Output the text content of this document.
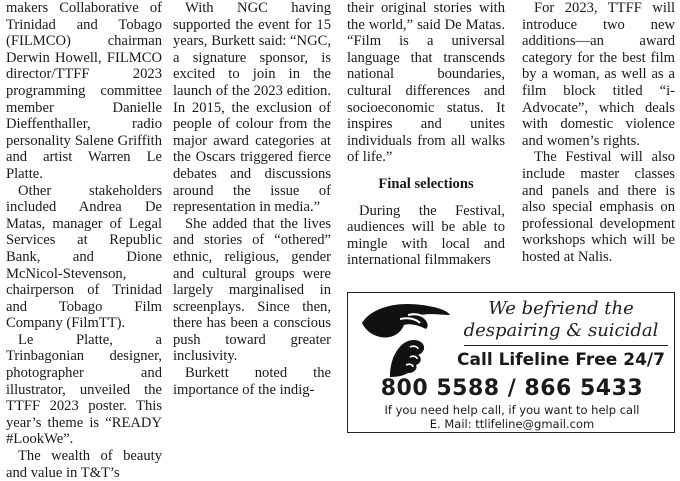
makers Collaborative of Trinidad and Tobago (FILMCO) chairman Derwin Howell, FILMCO director/TTFF 2023 programming committee member Danielle Dieffenthaller, radio personality Salene Griffith and artist Warren Le Platte.

Other stakeholders included Andrea De Matas, manager of Legal Services at Republic Bank, and Dione McNicol-Stevenson, chairperson of Trinidad and Tobago Film Company (FilmTT).

Le Platte, a Trinbagonian designer, photographer and illustrator, unveiled the TTFF 2023 poster. This year’s theme is “READY #LookWe”.

The wealth of beauty and value in T&T’s

With NGC having supported the event for 15 years, Burkett said: “NGC, a signature sponsor, is excited to join in the launch of the 2023 edition. In 2015, the exclusion of people of colour from the major award categories at the Oscars triggered fierce debates and discussions around the issue of representation in media.”

She added that the lives and stories of “othered” ethnic, religious, gender and cultural groups were largely marginalised in screenplays. Since then, there has been a conscious push toward greater inclusivity.

Burkett noted the importance of the indig-

their original stories with the world,” said De Matas. “Film is a universal language that transcends national boundaries, cultural differences and socioeconomic status. It inspires and unites individuals from all walks of life.”

Final selections

During the Festival, audiences will be able to mingle with local and international filmmakers

For 2023, TTFF will introduce two new additions—an award category for the best film by a woman, as well as a film block titled “i-Advocate”, which deals with domestic violence and women’s rights.

The Festival will also include master classes and panels and there is also special emphasis on professional development workshops which will be hosted at Nalis.

We befriend the
despairing & suicidal
Call Lifeline Free 24/7
800 5588 / 866 5433
If you need help call, if you want to help call
E. Mail: ttlifeline@gmail.com
